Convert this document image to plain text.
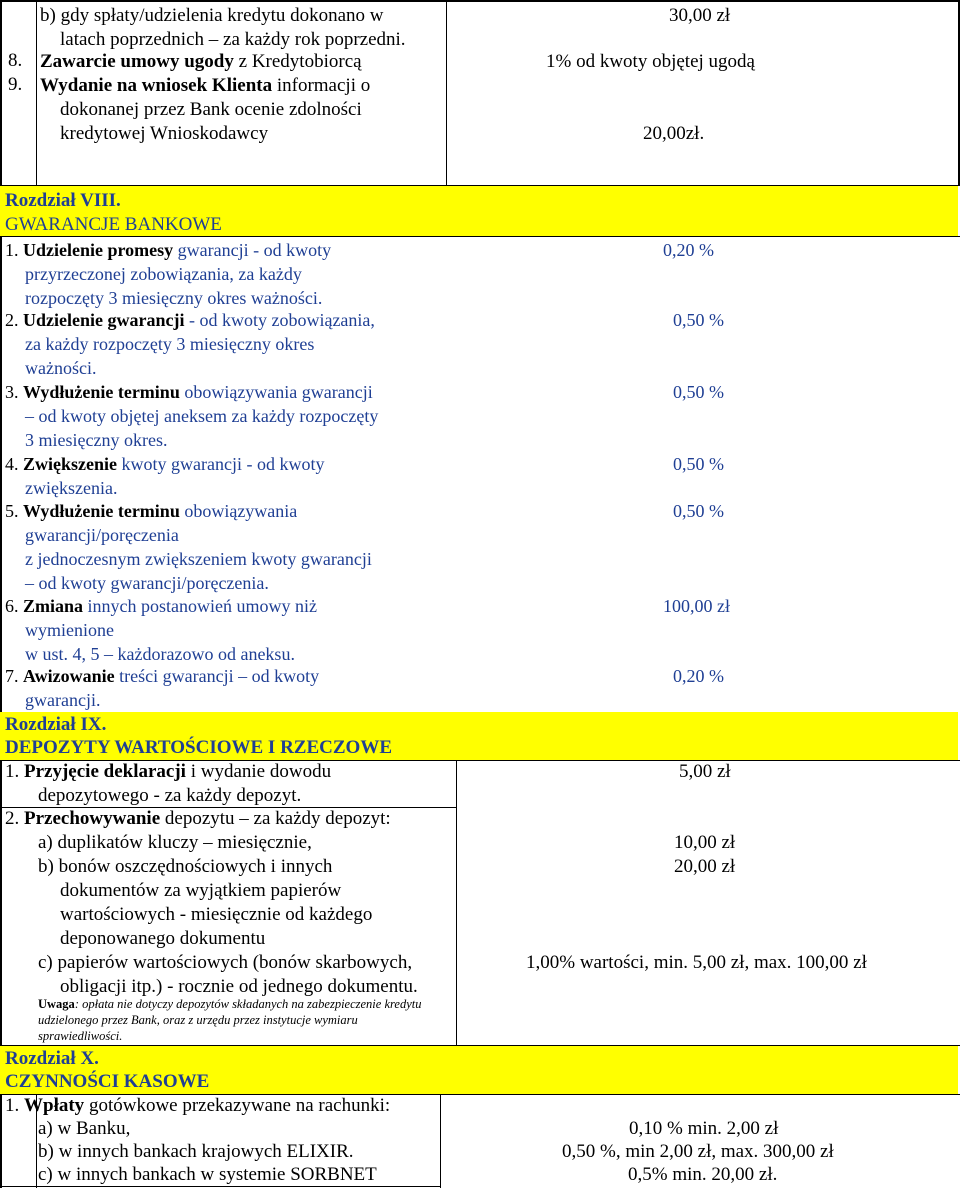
8.
9.
b) gdy spłaty/udzielenia kredytu dokonano w
latach poprzednich – za każdy rok poprzedni.
Zawarcie umowy ugody z Kredytobiorcą
Wydanie na wniosek Klienta informacji o
dokonanej przez Bank ocenie zdolności
kredytowej Wnioskodawcy
30,00 zł
1% od kwoty objętej ugodą
20,00zł.
Rozdział VIII.
GWARANCJE BANKOWE
1. Udzielenie promesy gwarancji - od kwoty
przyrzeczonej zobowiązania, za każdy
rozpoczęty 3 miesięczny okres ważności.
0,20 %
2. Udzielenie gwarancji - od kwoty zobowiązania,
za każdy rozpoczęty 3 miesięczny okres
ważności.
0,50 %
3. Wydłużenie terminu obowiązywania gwarancji
– od kwoty objętej aneksem za każdy rozpoczęty
3 miesięczny okres.
0,50 %
4. Zwiększenie kwoty gwarancji - od kwoty
zwiększenia.
0,50 %
5. Wydłużenie terminu obowiązywania
gwarancji/poręczenia
z jednoczesnym zwiększeniem kwoty gwarancji
– od kwoty gwarancji/poręczenia.
0,50 %
6. Zmiana innych postanowień umowy niż
wymienione
w ust. 4, 5 – każdorazowo od aneksu.
100,00 zł
7. Awizowanie treści gwarancji – od kwoty
gwarancji.
0,20 %
Rozdział IX.
DEPOZYTY WARTOŚCIOWE I RZECZOWE
1. Przyjęcie deklaracji i wydanie dowodu
depozytowego - za każdy depozyt.
5,00 zł
2. Przechowywanie depozytu – za każdy depozyt:
a) duplikatów kluczy – miesięcznie,
b) bonów oszczędnościowych i innych
dokumentów za wyjątkiem papierów
wartościowych - miesięcznie od każdego
deponowanego dokumentu
c) papierów wartościowych (bonów skarbowych,
obligacji itp.) - rocznie od jednego dokumentu.
10,00 zł
20,00 zł
1,00% wartości, min. 5,00 zł, max. 100,00 zł
Uwaga: opłata nie dotyczy depozytów składanych na zabezpieczenie kredytu
udzielonego przez Bank, oraz z urzędu przez instytucje wymiaru
sprawiedliwości.
Rozdział X.
CZYNNOŚCI KASOWE
1. Wpłaty gotówkowe przekazywane na rachunki:
a) w Banku,
b) w innych bankach krajowych ELIXIR.
c) w innych bankach w systemie SORBNET
0,10 % min. 2,00 zł
0,50 %, min 2,00 zł, max. 300,00 zł
0,5% min. 20,00 zł.
